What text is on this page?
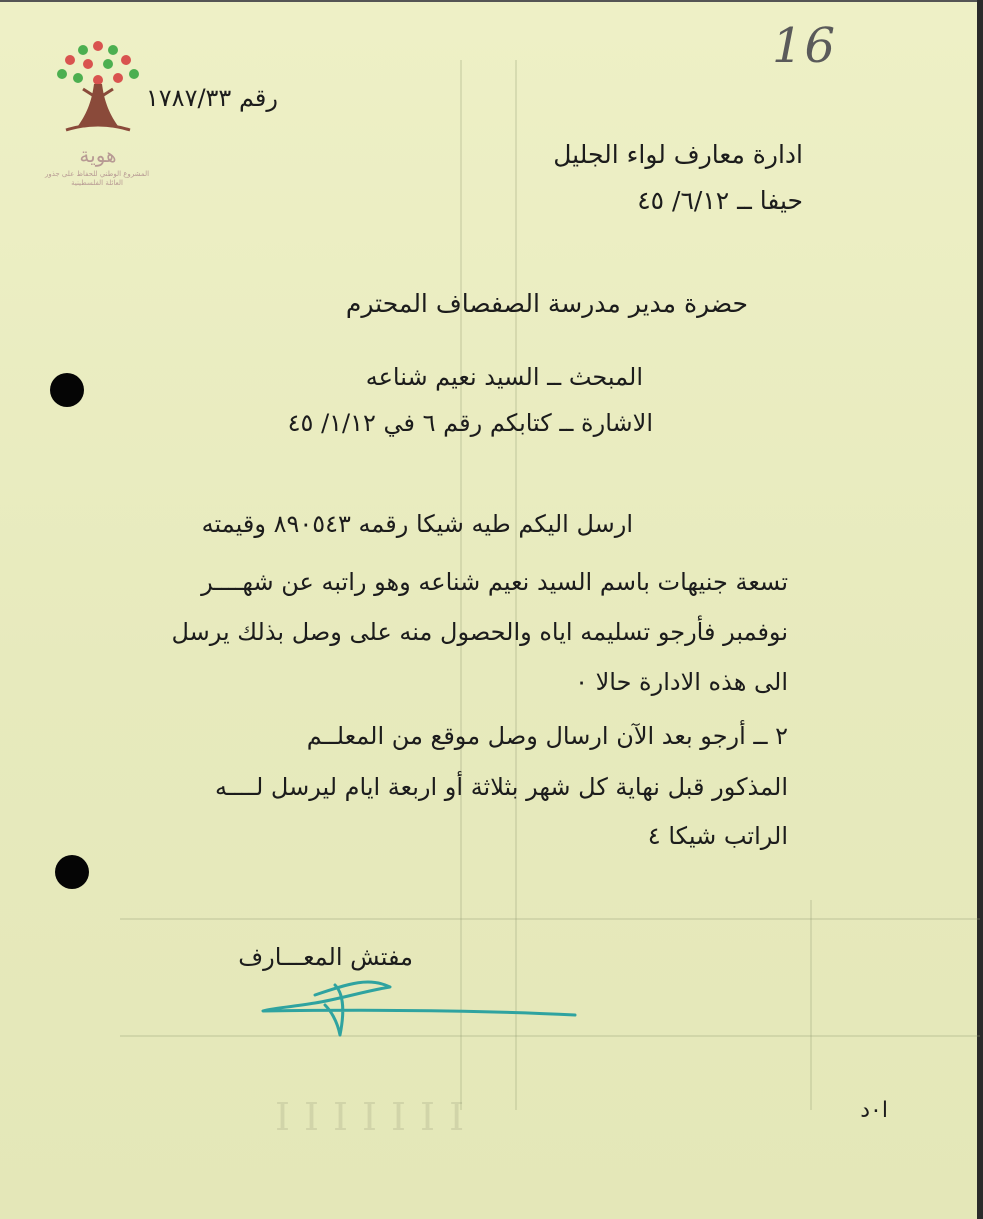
IIIIIII
هوية
المشروع الوطني للحفاظ على جذور العائلة الفلسطينية
16
رقم ١٧٨٧/٣٣
ادارة معارف لواء الجليل
حيفا ــ ٦/١٢/ ٤٥
حضرة مدير مدرسة الصفصاف المحترم
المبحث ــ السيد نعيم شناعه
الاشارة ــ كتابكم رقم ٦ في ١/١٢/ ٤٥
ارسل اليكم طيه شيكا رقمه ٨٩٠٥٤٣ وقيمته
تسعة جنيهات باسم السيد نعيم شناعه وهو راتبه عن شهــــر
نوفمبر فأرجو تسليمه اياه والحصول منه على وصل بذلك يرسل
الى هذه الادارة حالا ٠
٢ ــ أرجو بعد الآن ارسال وصل موقع من المعلــم
المذكور قبل نهاية كل شهر بثلاثة أو اربعة ايام ليرسل لــــه
الراتب شيكا ٤
مفتش المعـــارف
ا٠د
